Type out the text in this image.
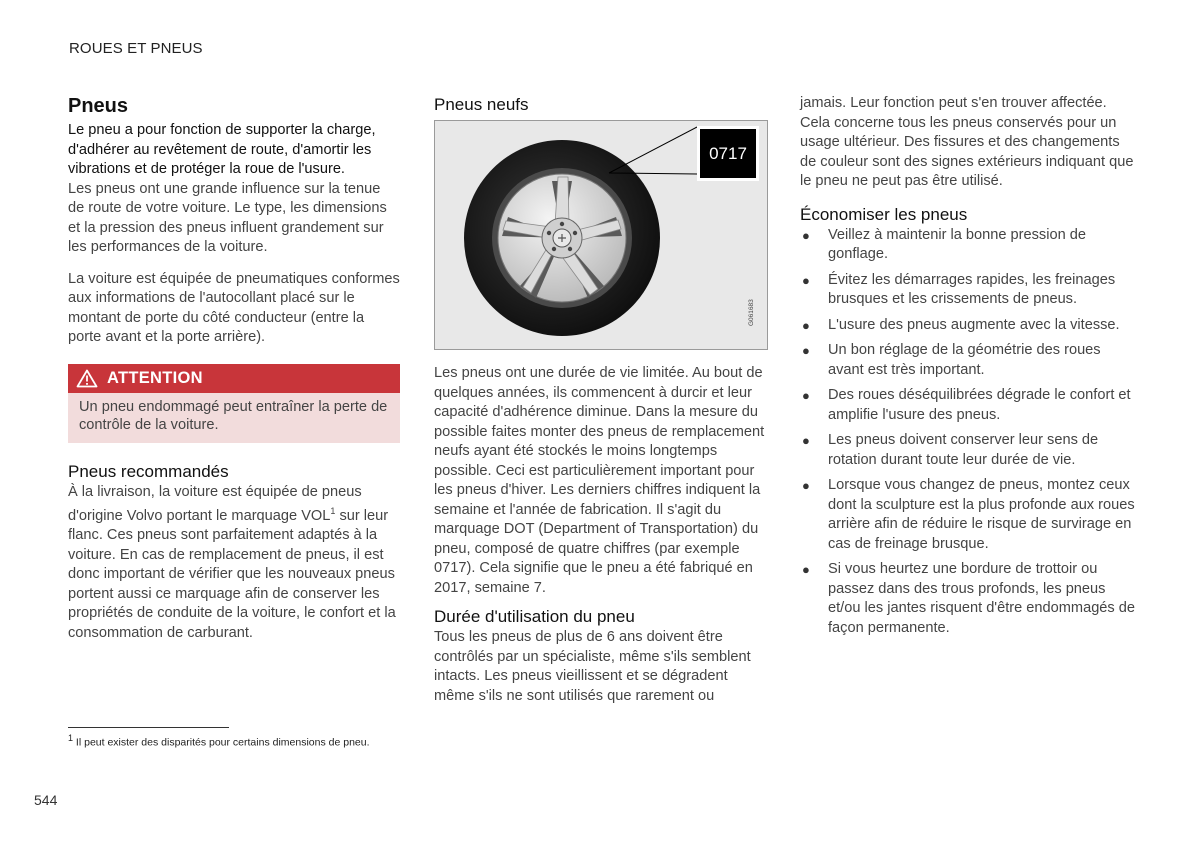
ROUES ET PNEUS
Pneus
Le pneu a pour fonction de supporter la charge, d'adhérer au revêtement de route, d'amortir les vibrations et de protéger la roue de l'usure.

Les pneus ont une grande influence sur la tenue de route de votre voiture. Le type, les dimensions et la pression des pneus influent grandement sur les performances de la voiture.

La voiture est équipée de pneumatiques conformes aux informations de l'autocollant placé sur le montant de porte du côté conducteur (entre la porte avant et la porte arrière).

ATTENTION
Un pneu endommagé peut entraîner la perte de contrôle de la voiture.
Pneus recommandés

À la livraison, la voiture est équipée de pneus d'origine Volvo portant le marquage VOL$^1$ sur leur flanc. Ces pneus sont parfaitement adaptés à la voiture. En cas de remplacement de pneus, il est donc important de vérifier que les nouveaux pneus portent aussi ce marquage afin de conserver les propriétés de conduite de la voiture, le confort et la consommation de carburant.

Pneus neufs
0717
G061683

Les pneus ont une durée de vie limitée. Au bout de quelques années, ils commencent à durcir et leur capacité d'adhérence diminue. Dans la mesure du possible faites monter des pneus de remplacement neufs ayant été stockés le moins longtemps possible. Ceci est particulièrement important pour les pneus d'hiver. Les derniers chiffres indiquent la semaine et l'année de fabrication. Il s'agit du marquage DOT (Department of Transportation) du pneu, composé de quatre chiffres (par exemple 0717). Cela signifie que le pneu a été fabriqué en 2017, semaine 7.

Durée d'utilisation du pneu

Tous les pneus de plus de 6 ans doivent être contrôlés par un spécialiste, même s'ils semblent intacts. Les pneus vieillissent et se dégradent même s'ils ne sont utilisés que rarement ou

jamais. Leur fonction peut s'en trouver affectée. Cela concerne tous les pneus conservés pour un usage ultérieur. Des fissures et des changements de couleur sont des signes extérieurs indiquant que le pneu ne peut pas être utilisé.

Économiser les pneus
● Veillez à maintenir la bonne pression de gonflage.
● Évitez les démarrages rapides, les freinages brusques et les crissements de pneus.
● L'usure des pneus augmente avec la vitesse.
● Un bon réglage de la géométrie des roues avant est très important.
● Des roues déséquilibrées dégrade le confort et amplifie l'usure des pneus.
● Les pneus doivent conserver leur sens de rotation durant toute leur durée de vie.
● Lorsque vous changez de pneus, montez ceux dont la sculpture est la plus profonde aux roues arrière afin de réduire le risque de survirage en cas de freinage brusque.
● Si vous heurtez une bordure de trottoir ou passez dans des trous profonds, les pneus et/ou les jantes risquent d'être endommagés de façon permanente.
$^1$ Il peut exister des disparités pour certains dimensions de pneu.
544
